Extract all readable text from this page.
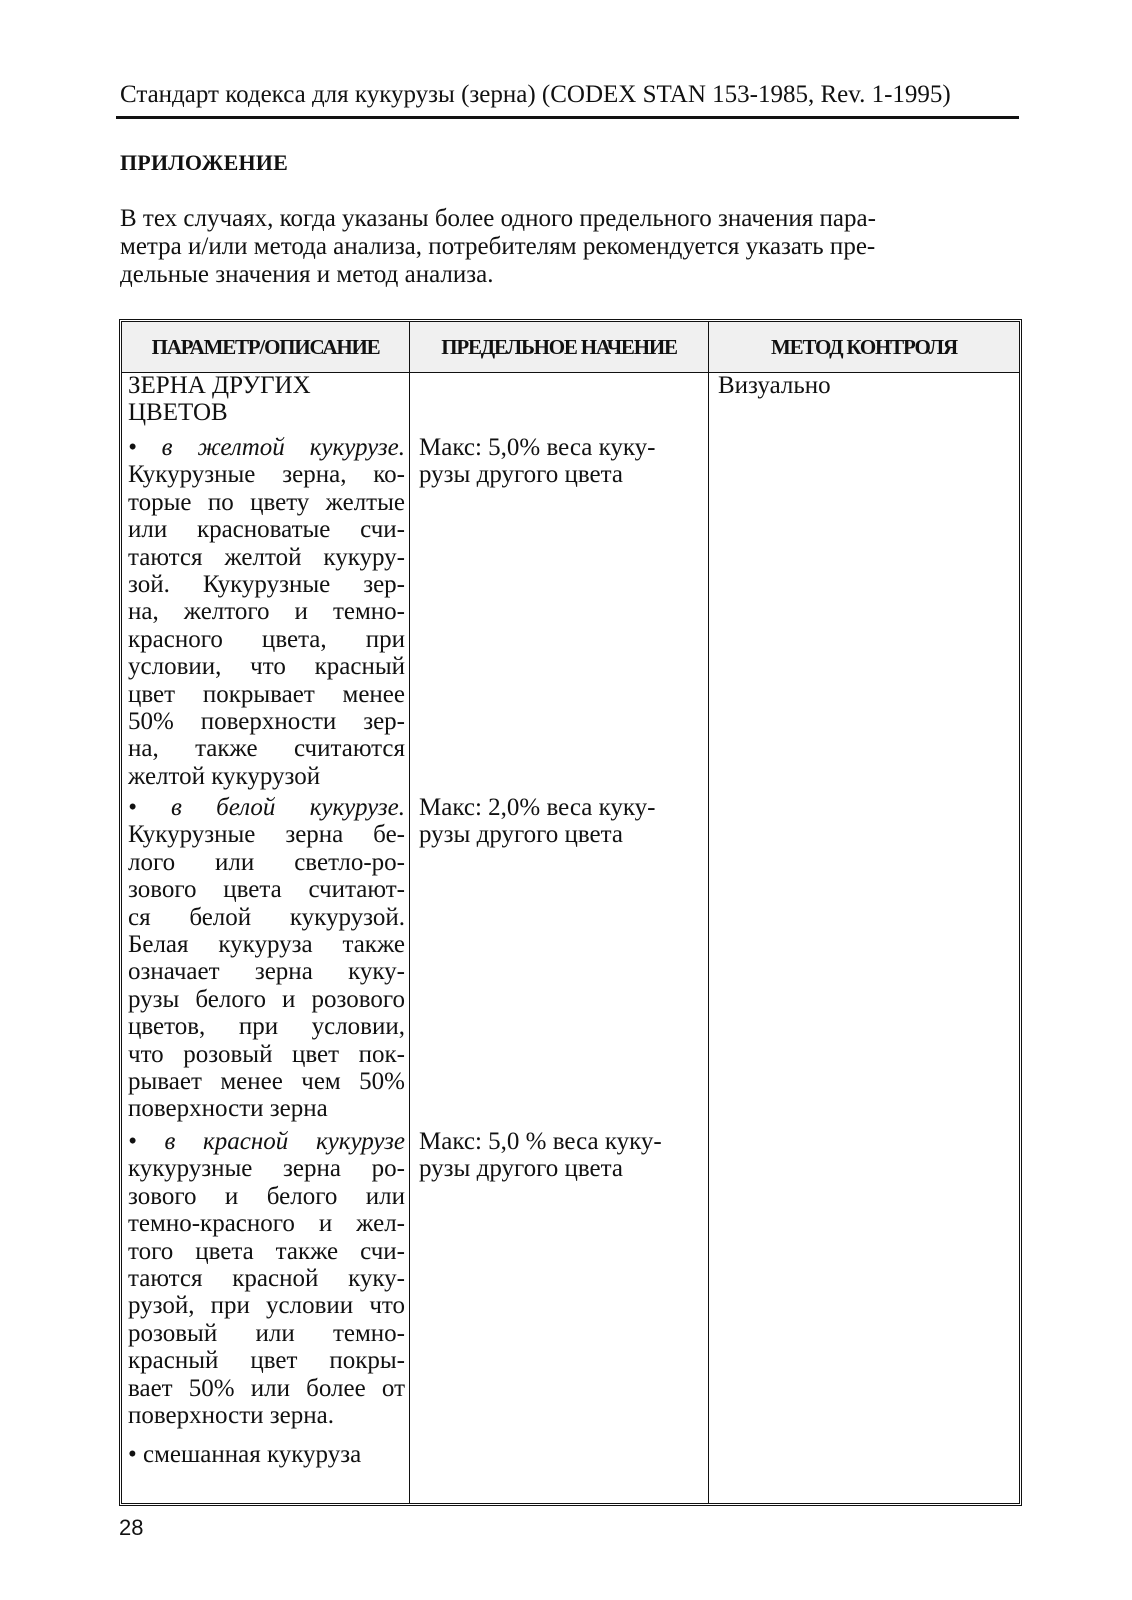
Стандарт кодекса для кукурузы (зерна) (CODEX STAN 153-1985, Rev. 1-1995)
ПРИЛОЖЕНИЕ
В тех случаях, когда указаны более одного предельного значения пара-
метра и/или метода анализа, потребителям рекомендуется указать пре-
дельные значения и метод анализа.
ПАРАМЕТР/ОПИСАНИЕ	ПРЕДЕЛЬНОЕ НАЧЕНИЕ	МЕТОД КОНТРОЛЯ
ЗЕРНА ДРУГИХ
ЦВЕТОВ
Визуально
• в желтой кукурузе.
Кукурузные зерна, ко-
торые по цвету желтые
или красноватые счи-
таются желтой кукуру-
зой. Кукурузные зер-
на, желтого и темно-
красного цвета, при
условии, что красный
цвет покрывает менее
50% поверхности зер-
на, также считаются
желтой кукурузой
Макс: 5,0% веса куку-
рузы другого цвета
• в белой кукурузе.
Кукурузные зерна бе-
лого или светло-ро-
зового цвета считают-
ся белой кукурузой.
Белая кукуруза также
означает зерна куку-
рузы белого и розового
цветов, при условии,
что розовый цвет пок-
рывает менее чем 50%
поверхности зерна
Макс: 2,0% веса куку-
рузы другого цвета
• в красной кукурузе
кукурузные зерна ро-
зового и белого или
темно-красного и жел-
того цвета также счи-
таются красной куку-
рузой, при условии что
розовый или темно-
красный цвет покры-
вает 50% или более от
поверхности зерна.
Макс: 5,0 % веса куку-
рузы другого цвета
• смешанная кукуруза
28
